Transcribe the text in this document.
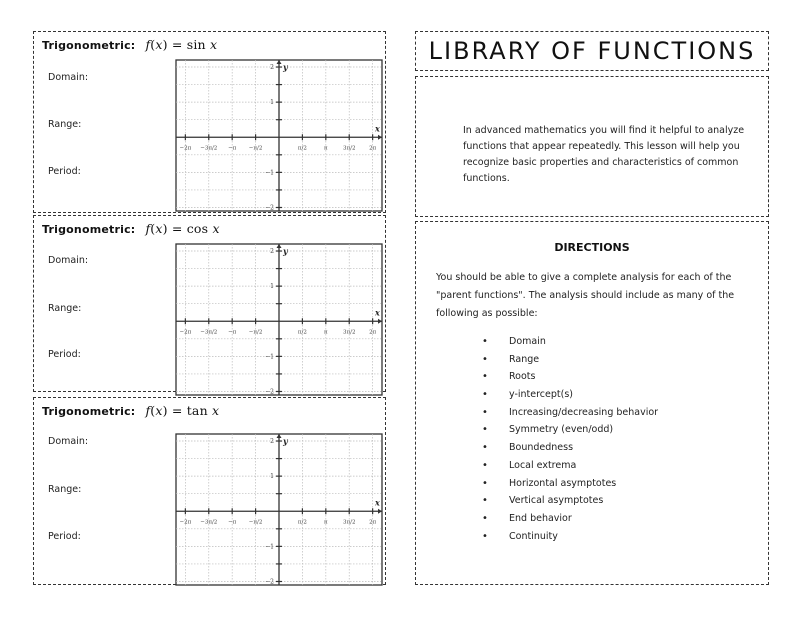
Trigonometric: f(x) = sin x
Domain:
Range:
Period:
−2π −3π/2 −π −π/2	π/2	π	3π/2 2π
−2
−1
1
2
x
y
Trigonometric: f(x) = cos x
Domain:
Range:
Period:
−2π −3π/2 −π −π/2	π/2	π	3π/2 2π
−2
−1
1
2
x
y
Trigonometric: f(x) = tan x
Domain:
Range:
Period:
−2π −3π/2 −π −π/2	π/2	π	3π/2 2π
−2
−1
1
2
x
y
LIBRARY OF FUNCTIONS
In advanced mathematics you will find it helpful to analyze functions that appear repeatedly. This lesson will help you recognize basic properties and characteristics of common functions.
DIRECTIONS
You should be able to give a complete analysis for each of the "parent functions". The analysis should include as many of the following as possible:
• Domain
• Range
• Roots
• y-intercept(s)
• Increasing/decreasing behavior
• Symmetry (even/odd)
• Boundedness
• Local extrema
• Horizontal asymptotes
• Vertical asymptotes
• End behavior
• Continuity
